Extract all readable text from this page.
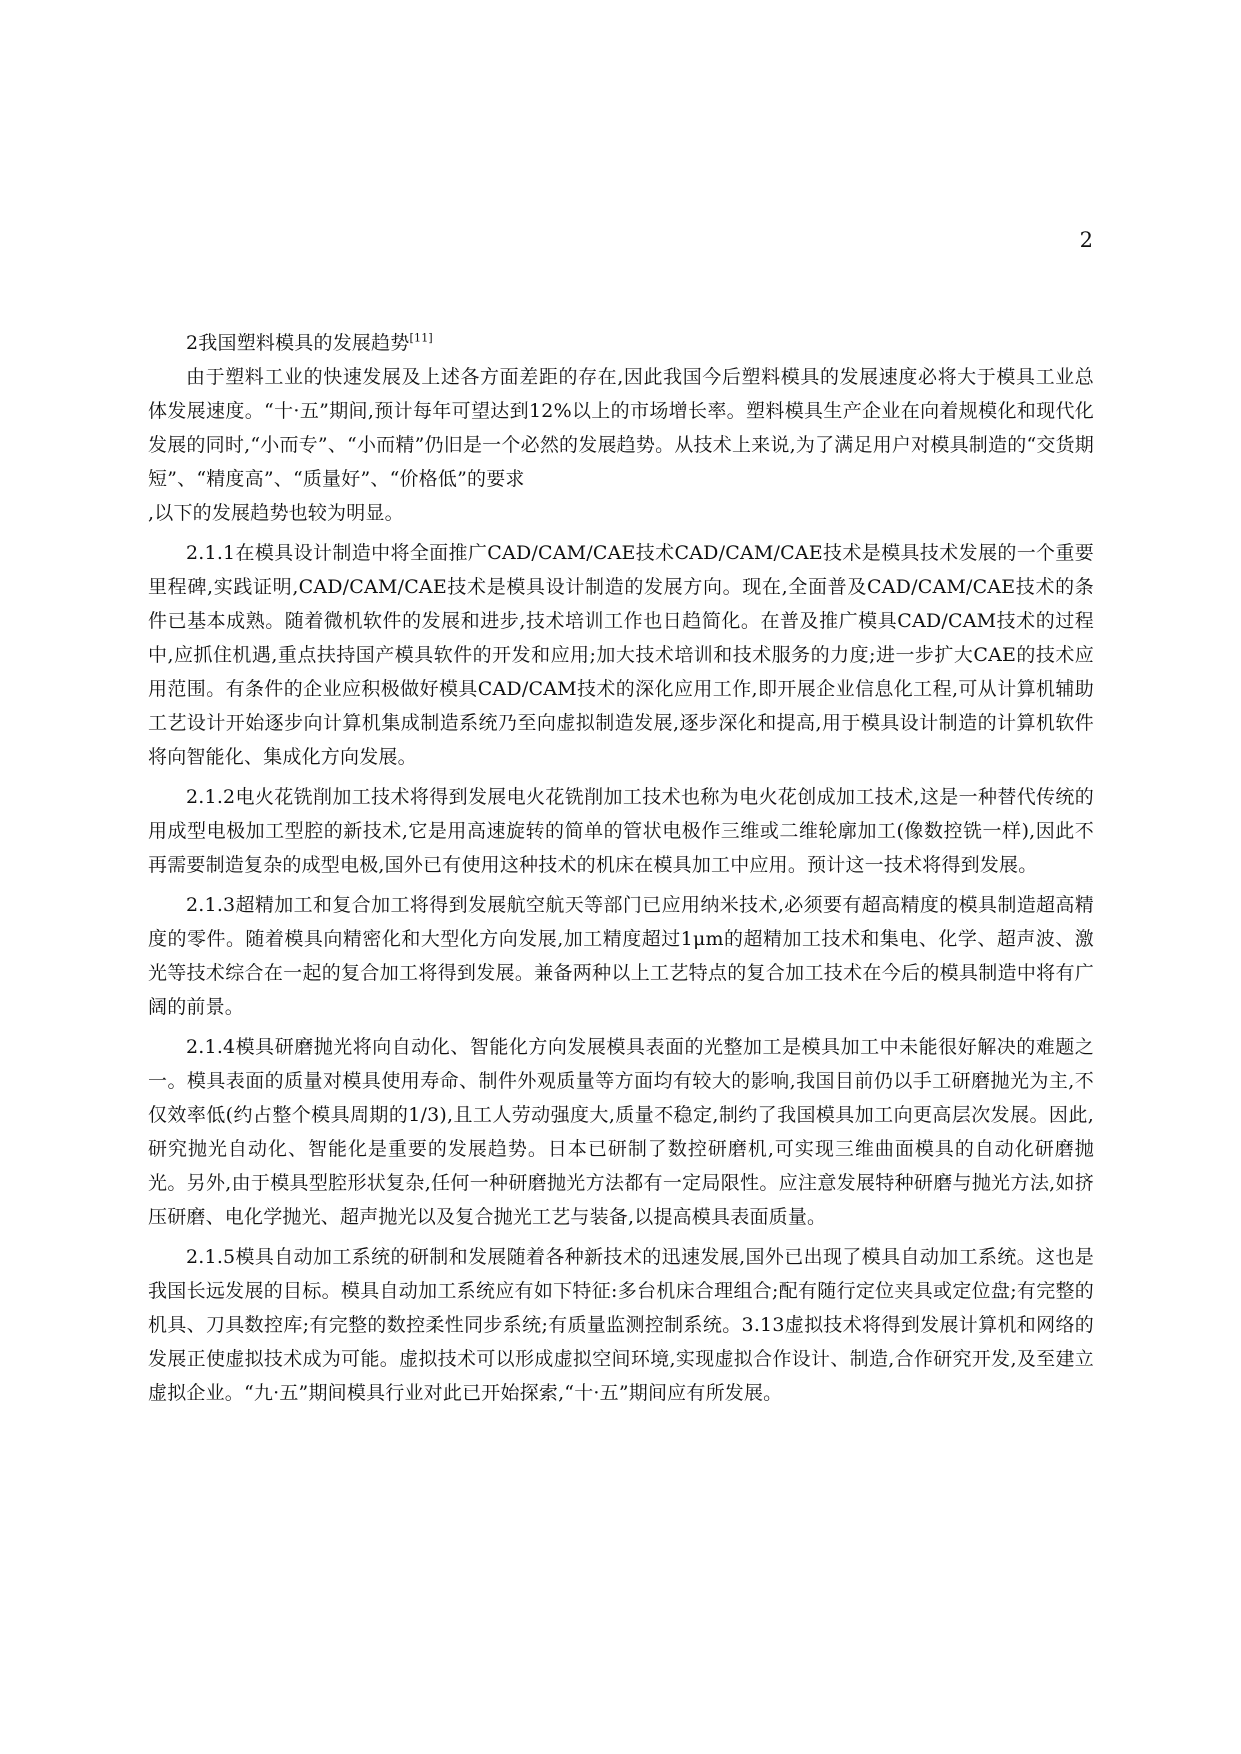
2

2我国塑料模具的发展趋势[11]

由于塑料工业的快速发展及上述各方面差距的存在,因此我国今后塑料模具的发展速度必将大于模具工业总体发展速度。“十·五”期间,预计每年可望达到12%以上的市场增长率。塑料模具生产企业在向着规模化和现代化发展的同时,“小而专”、“小而精”仍旧是一个必然的发展趋势。从技术上来说,为了满足用户对模具制造的“交货期短”、“精度高”、“质量好”、“价格低”的要求

,以下的发展趋势也较为明显。

2.1.1在模具设计制造中将全面推广CAD/CAM/CAE技术CAD/CAM/CAE技术是模具技术发展的一个重要里程碑,实践证明,CAD/CAM/CAE技术是模具设计制造的发展方向。现在,全面普及CAD/CAM/CAE技术的条件已基本成熟。随着微机软件的发展和进步,技术培训工作也日趋简化。在普及推广模具CAD/CAM技术的过程中,应抓住机遇,重点扶持国产模具软件的开发和应用;加大技术培训和技术服务的力度;进一步扩大CAE的技术应用范围。有条件的企业应积极做好模具CAD/CAM技术的深化应用工作,即开展企业信息化工程,可从计算机辅助工艺设计开始逐步向计算机集成制造系统乃至向虚拟制造发展,逐步深化和提高,用于模具设计制造的计算机软件将向智能化、集成化方向发展。

2.1.2电火花铣削加工技术将得到发展电火花铣削加工技术也称为电火花创成加工技术,这是一种替代传统的用成型电极加工型腔的新技术,它是用高速旋转的简单的管状电极作三维或二维轮廓加工(像数控铣一样),因此不再需要制造复杂的成型电极,国外已有使用这种技术的机床在模具加工中应用。预计这一技术将得到发展。

2.1.3超精加工和复合加工将得到发展航空航天等部门已应用纳米技术,必须要有超高精度的模具制造超高精度的零件。随着模具向精密化和大型化方向发展,加工精度超过1μm的超精加工技术和集电、化学、超声波、激光等技术综合在一起的复合加工将得到发展。兼备两种以上工艺特点的复合加工技术在今后的模具制造中将有广阔的前景。

2.1.4模具研磨抛光将向自动化、智能化方向发展模具表面的光整加工是模具加工中未能很好解决的难题之一。模具表面的质量对模具使用寿命、制件外观质量等方面均有较大的影响,我国目前仍以手工研磨抛光为主,不仅效率低(约占整个模具周期的1/3),且工人劳动强度大,质量不稳定,制约了我国模具加工向更高层次发展。因此,研究抛光自动化、智能化是重要的发展趋势。日本已研制了数控研磨机,可实现三维曲面模具的自动化研磨抛光。另外,由于模具型腔形状复杂,任何一种研磨抛光方法都有一定局限性。应注意发展特种研磨与抛光方法,如挤压研磨、电化学抛光、超声抛光以及复合抛光工艺与装备,以提高模具表面质量。

2.1.5模具自动加工系统的研制和发展随着各种新技术的迅速发展,国外已出现了模具自动加工系统。这也是我国长远发展的目标。模具自动加工系统应有如下特征:多台机床合理组合;配有随行定位夹具或定位盘;有完整的机具、刀具数控库;有完整的数控柔性同步系统;有质量监测控制系统。3.13虚拟技术将得到发展计算机和网络的发展正使虚拟技术成为可能。虚拟技术可以形成虚拟空间环境,实现虚拟合作设计、制造,合作研究开发,及至建立虚拟企业。“九·五”期间模具行业对此已开始探索,“十·五”期间应有所发展。
